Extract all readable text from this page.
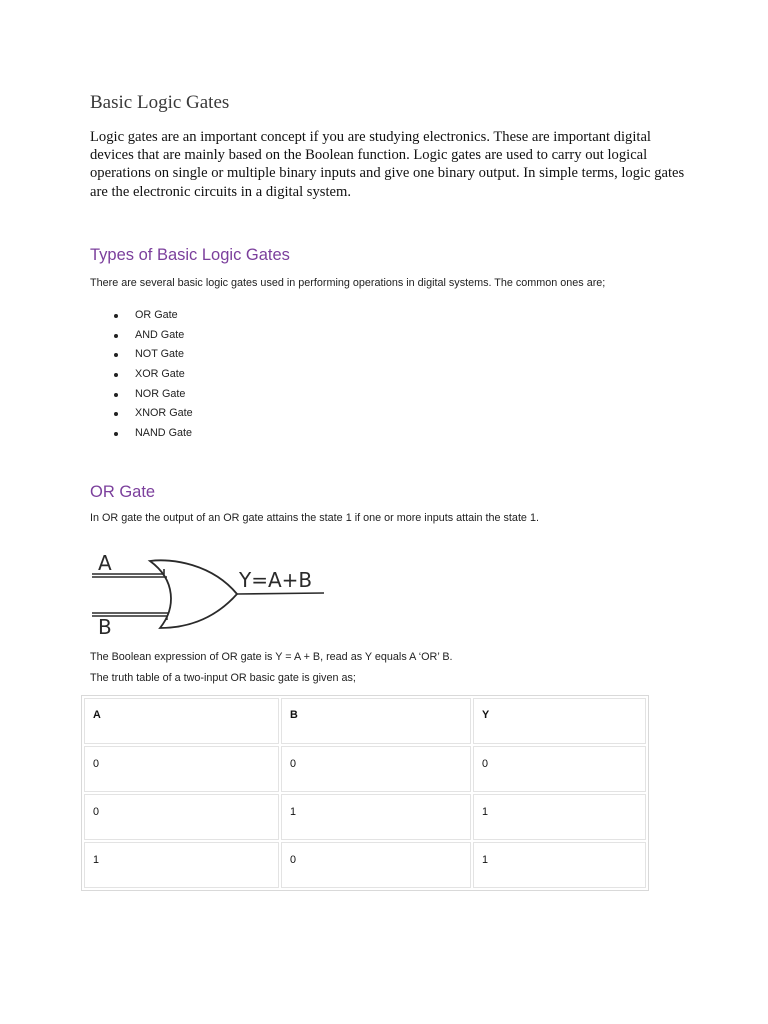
Basic Logic Gates

Logic gates are an important concept if you are studying electronics. These are important digital devices that are mainly based on the Boolean function. Logic gates are used to carry out logical operations on single or multiple binary inputs and give one binary output. In simple terms, logic gates are the electronic circuits in a digital system.

Types of Basic Logic Gates

There are several basic logic gates used in performing operations in digital systems. The common ones are;

OR Gate
AND Gate
NOT Gate
XOR Gate
NOR Gate
XNOR Gate
NAND Gate
OR Gate

In OR gate the output of an OR gate attains the state 1 if one or more inputs attain the state 1.

A
B
Y=A+B

The Boolean expression of OR gate is Y = A + B, read as Y equals A ‘OR’ B.

The truth table of a two-input OR basic gate is given as;

A	B	Y
0	0	0
0	1	1
1	0	1
